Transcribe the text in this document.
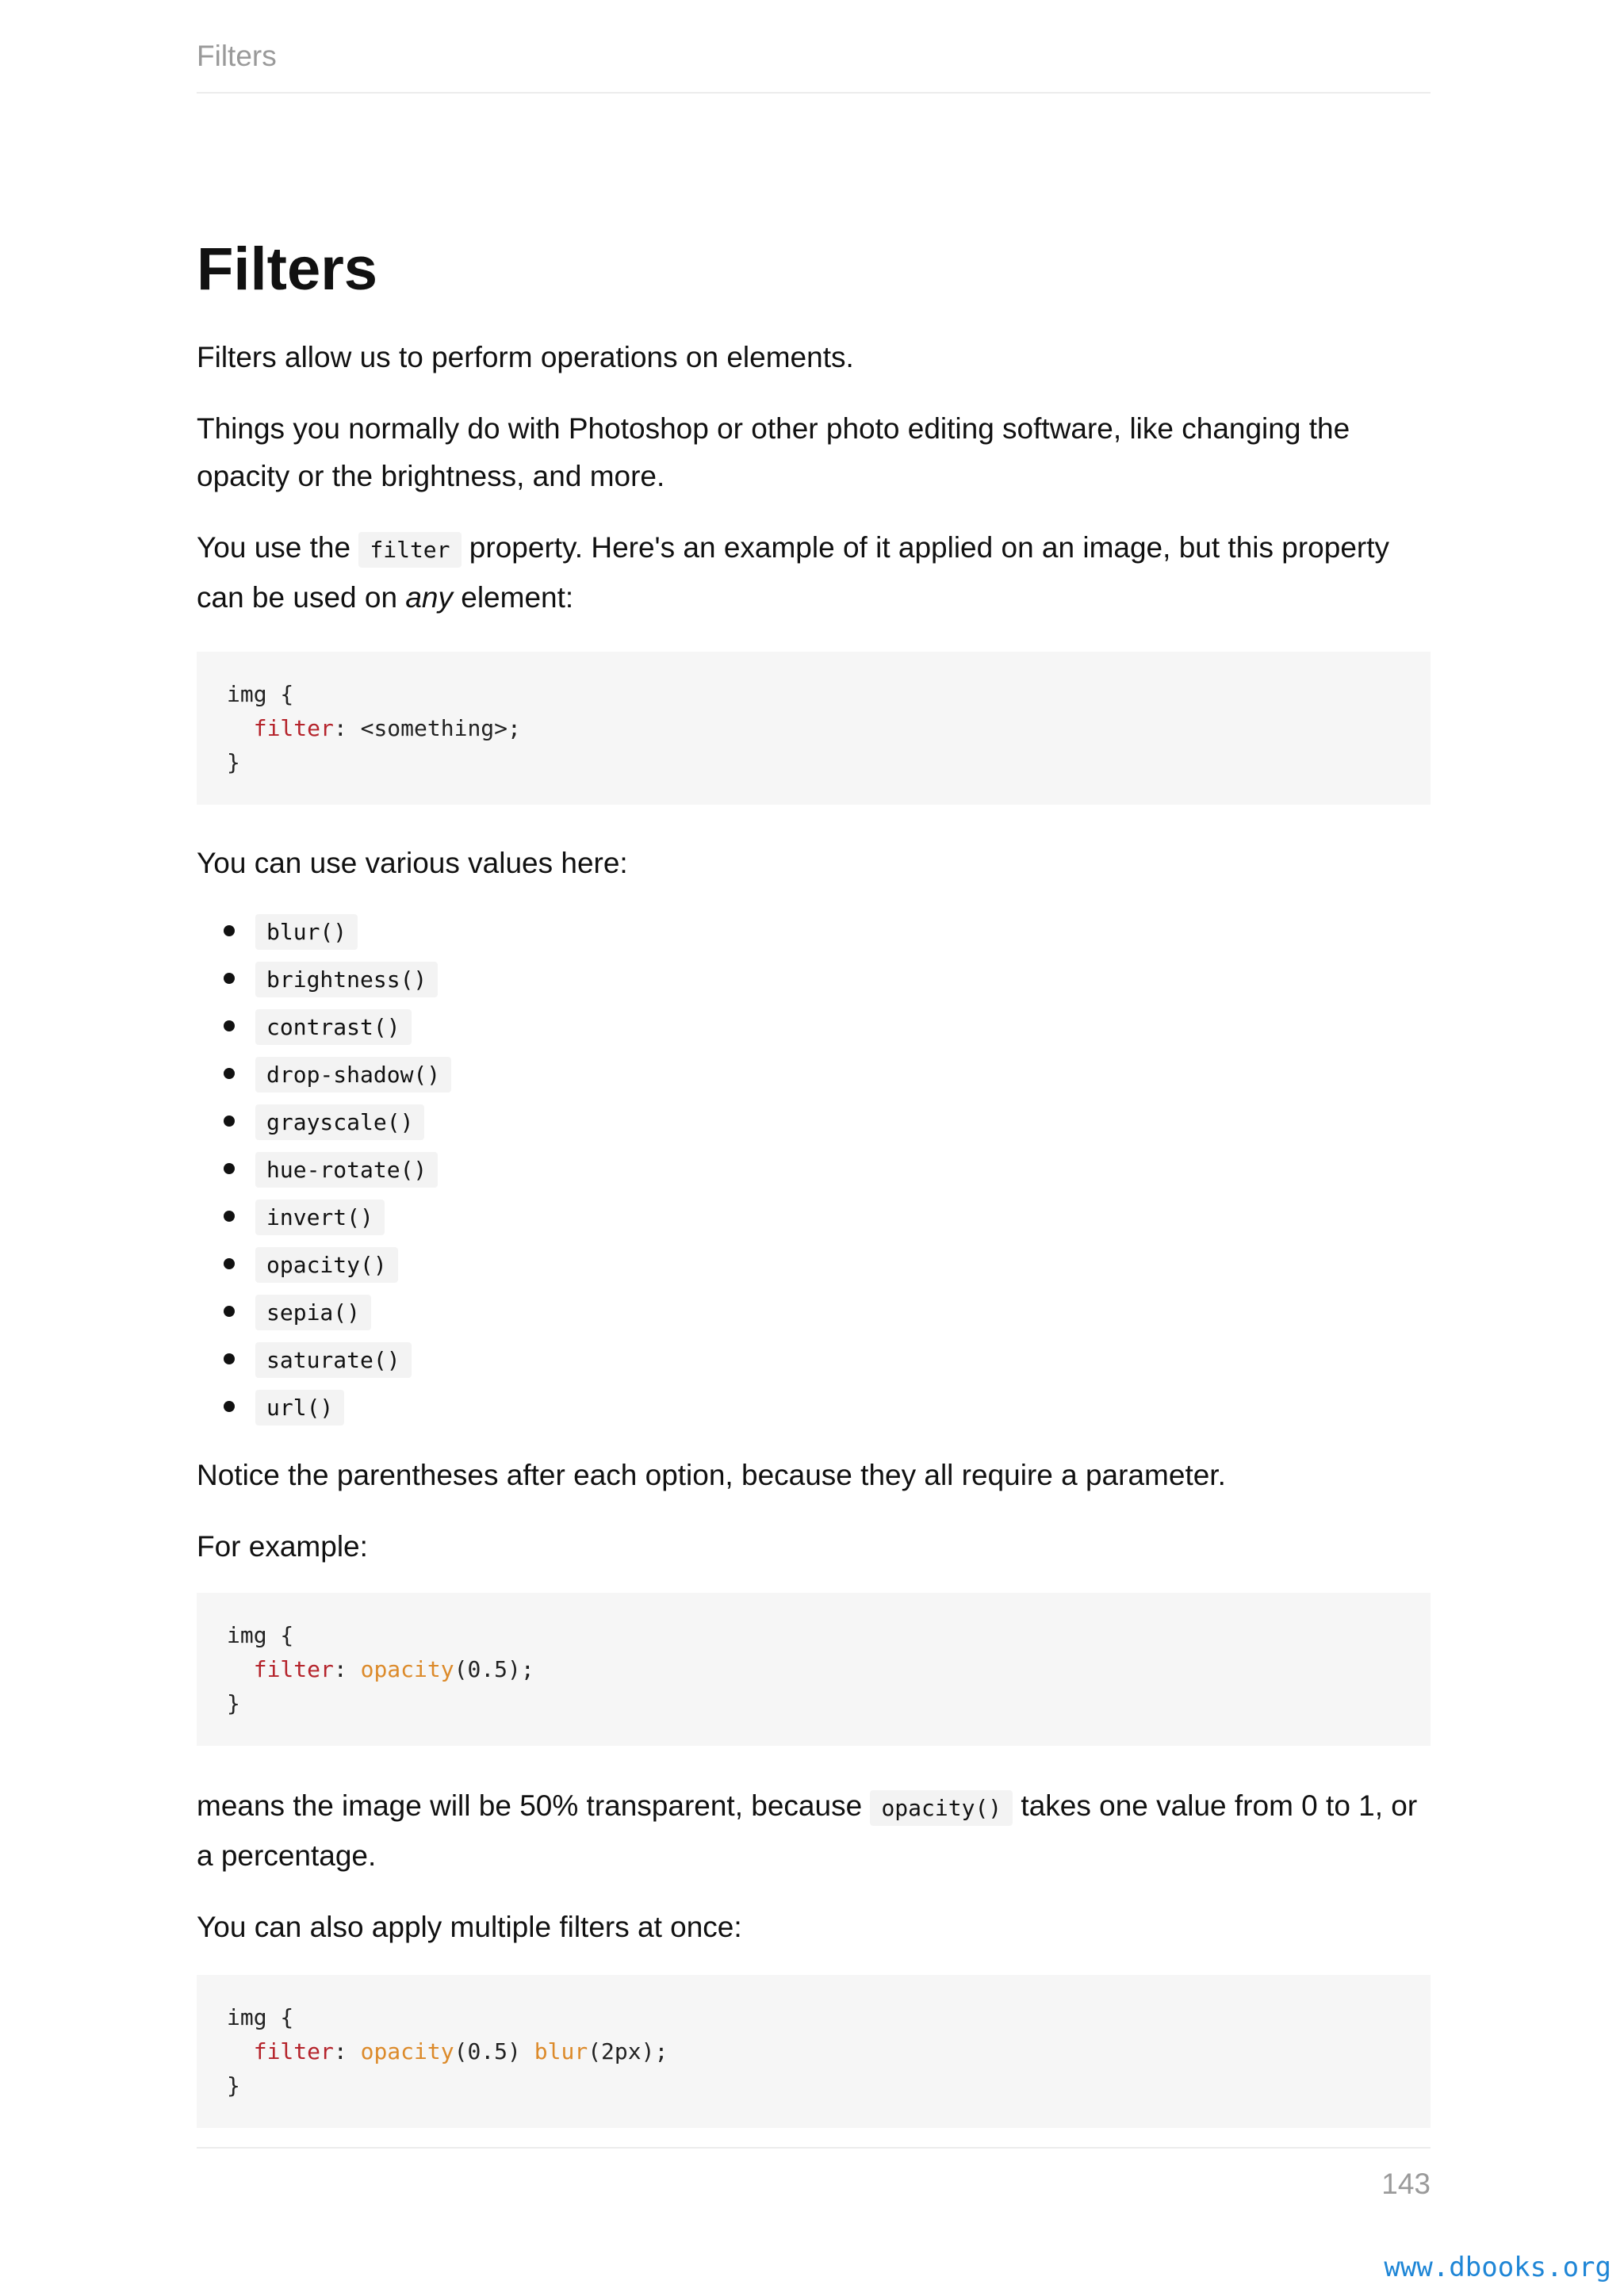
Filters
Filters

Filters allow us to perform operations on elements.

Things you normally do with Photoshop or other photo editing software, like changing the opacity or the brightness, and more.

You use the filter property. Here's an example of it applied on an image, but this property can be used on any element:

img {
filter: <something>;
}

You can use various values here:

blur()
brightness()
contrast()
drop-shadow()
grayscale()
hue-rotate()
invert()
opacity()
sepia()
saturate()
url()

Notice the parentheses after each option, because they all require a parameter.

For example:

img {
filter: opacity(0.5);
}

means the image will be 50% transparent, because opacity() takes one value from 0 to 1, or a percentage.

You can also apply multiple filters at once:

img {
filter: opacity(0.5) blur(2px);
}
143
www.dbooks.org
